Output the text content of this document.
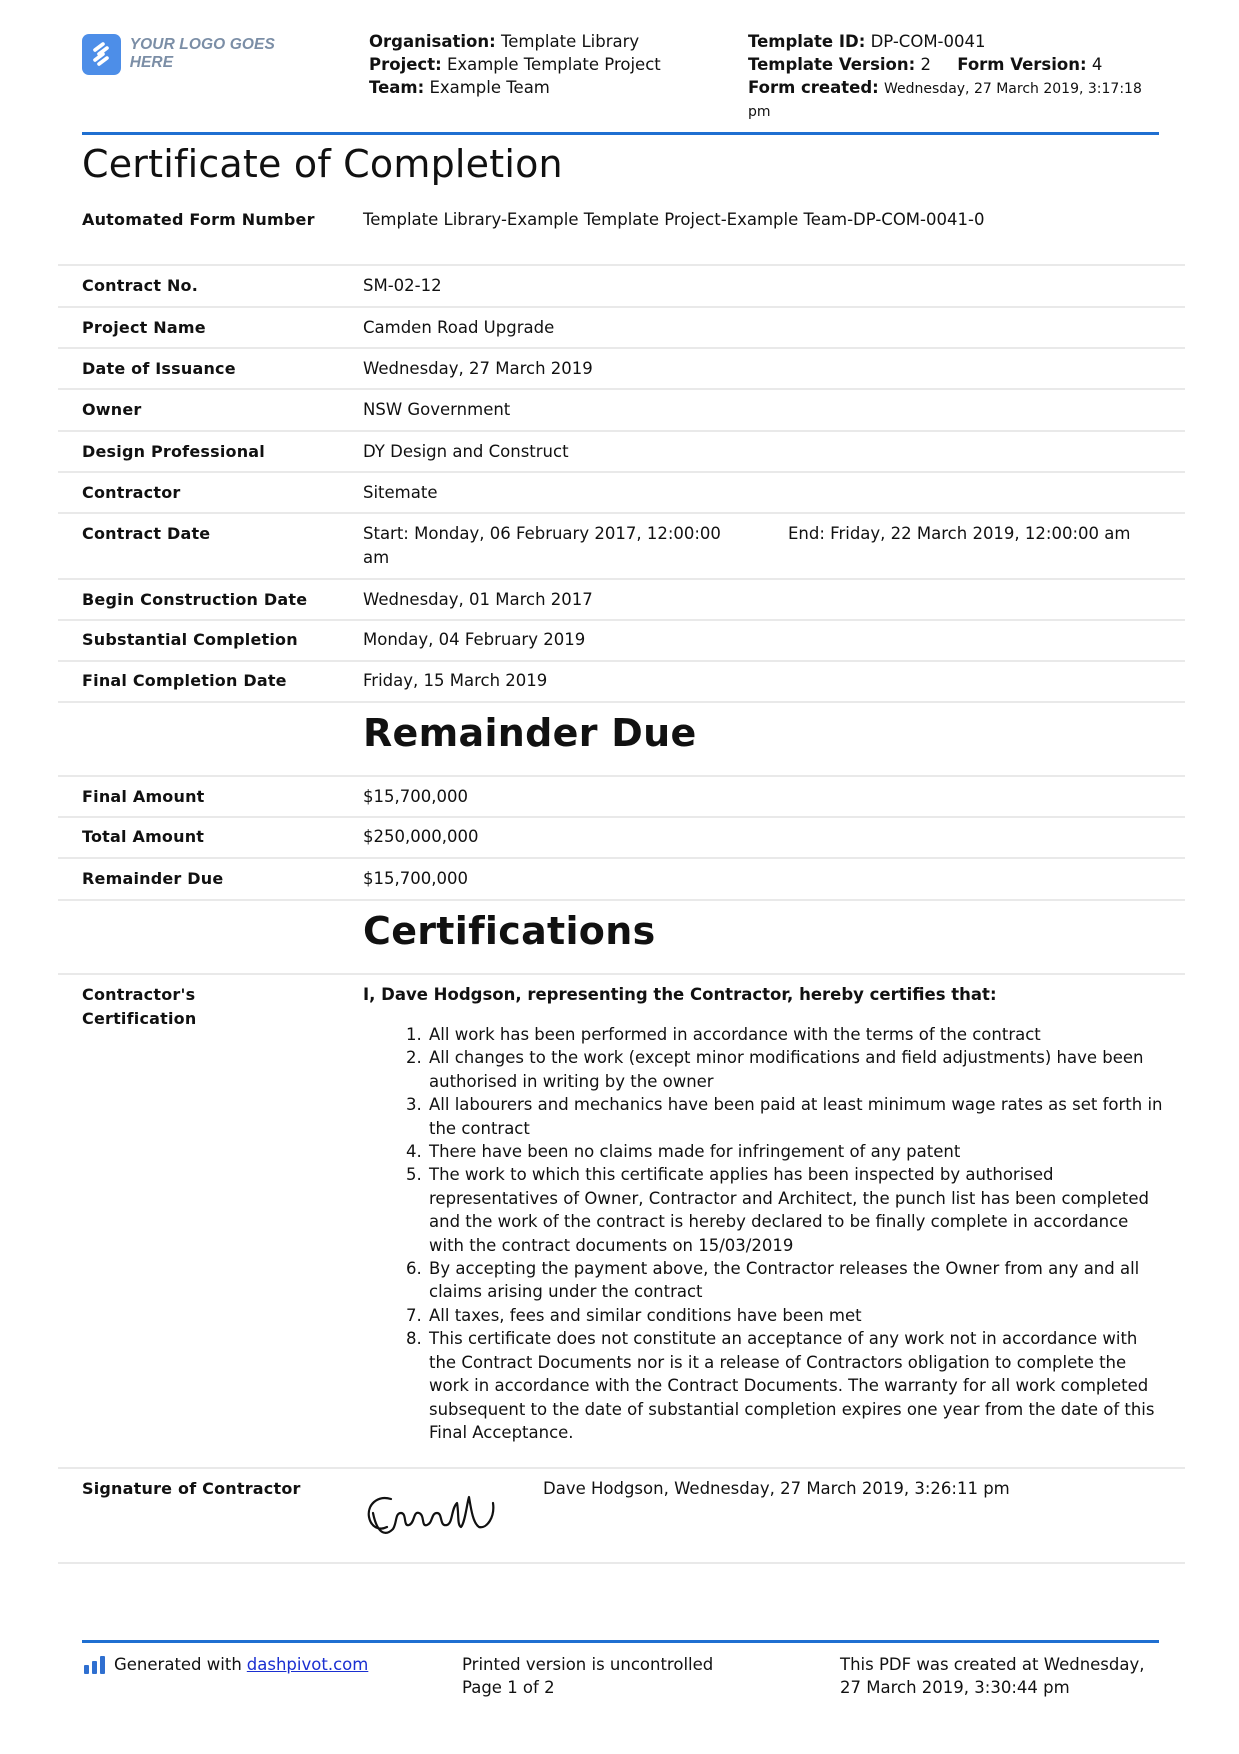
YOUR LOGO GOES HERE
Organisation: Template Library
Project: Example Template Project
Team: Example Team
Template ID: DP-COM-0041
Template Version: 2 Form Version: 4
Form created: Wednesday, 27 March 2019, 3:17:18
pm
Certificate of Completion
Automated Form Number	Template Library-Example Template Project-Example Team-DP-COM-0041-0
Contract No.	SM-02-12
Project Name	Camden Road Upgrade
Date of Issuance	Wednesday, 27 March 2019
Owner	NSW Government
Design Professional	DY Design and Construct
Contractor	Sitemate
Contract Date	Start: Monday, 06 February 2017, 12:00:00 am
End: Friday, 22 March 2019, 12:00:00 am
Begin Construction Date	Wednesday, 01 March 2017
Substantial Completion	Monday, 04 February 2019
Final Completion Date	Friday, 15 March 2019
Remainder Due
Final Amount	$15,700,000
Total Amount	$250,000,000
Remainder Due	$15,700,000
Certifications
Contractor's Certification
I, Dave Hodgson, representing the Contractor, hereby certifies that:
1. All work has been performed in accordance with the terms of the contract
2. All changes to the work (except minor modifications and field adjustments) have been authorised in writing by the owner
3. All labourers and mechanics have been paid at least minimum wage rates as set forth in the contract
4. There have been no claims made for infringement of any patent
5. The work to which this certificate applies has been inspected by authorised representatives of Owner, Contractor and Architect, the punch list has been completed and the work of the contract is hereby declared to be finally complete in accordance with the contract documents on 15/03/2019
6. By accepting the payment above, the Contractor releases the Owner from any and all claims arising under the contract
7. All taxes, fees and similar conditions have been met
8. This certificate does not constitute an acceptance of any work not in accordance with the Contract Documents nor is it a release of Contractors obligation to complete the work in accordance with the Contract Documents. The warranty for all work completed subsequent to the date of substantial completion expires one year from the date of this Final Acceptance.
Signature of Contractor	Dave Hodgson, Wednesday, 27 March 2019, 3:26:11 pm
Generated with dashpivot.com	Printed version is uncontrolled
Page 1 of 2
This PDF was created at Wednesday, 27 March 2019, 3:30:44 pm
